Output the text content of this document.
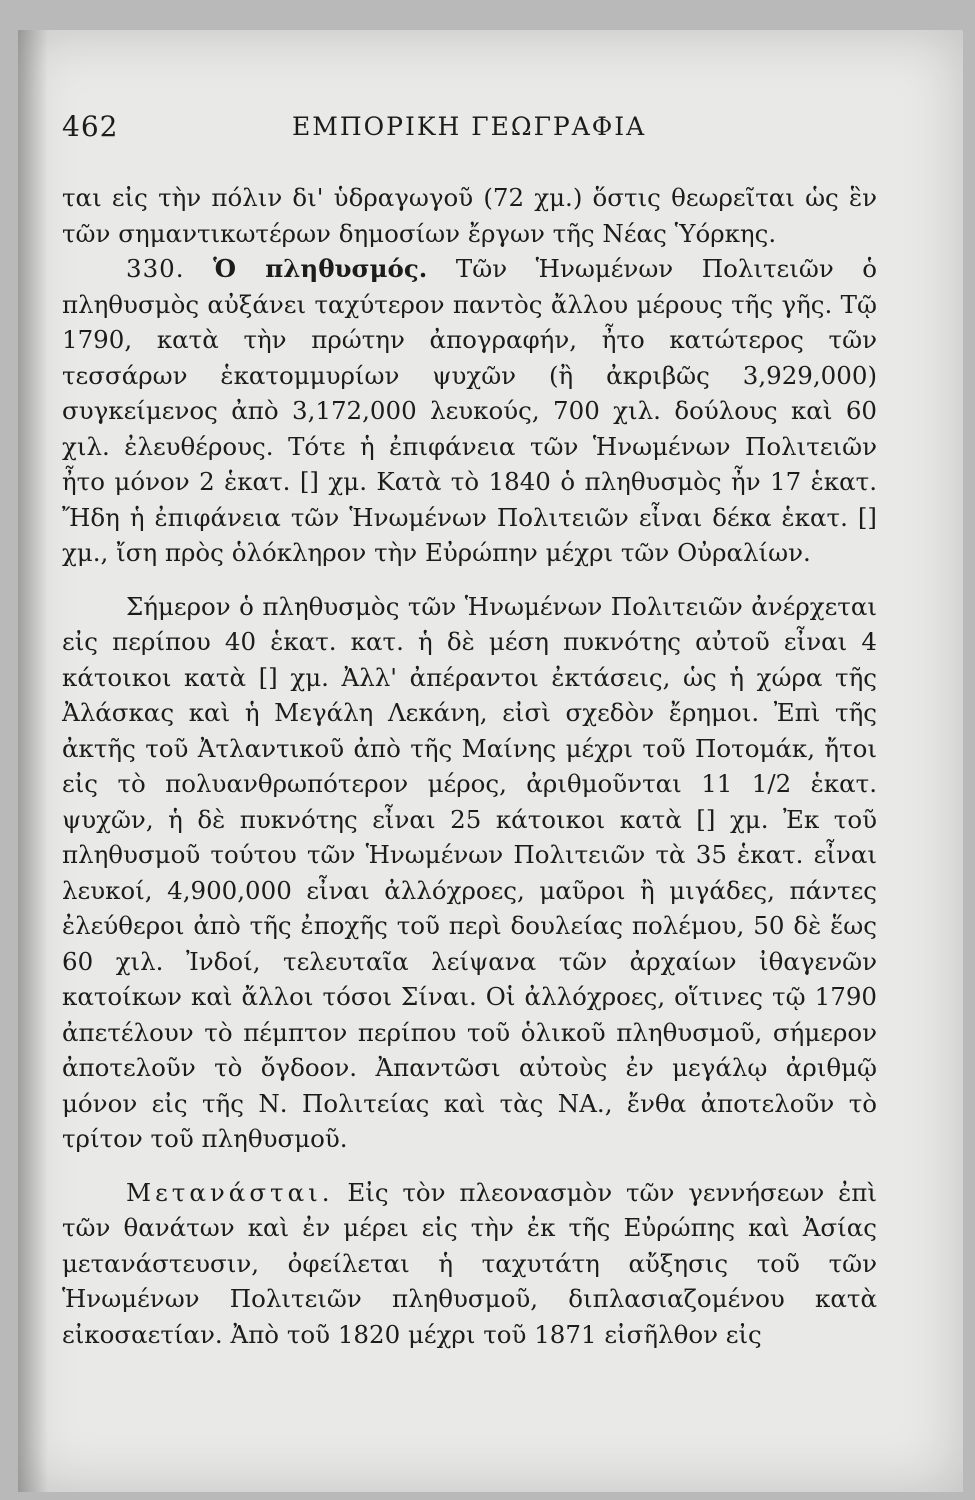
462	ΕΜΠΟΡΙΚΗ ΓΕΩΓΡΑΦΙΑ

ται εἰς τὴν πόλιν δι' ὑδραγωγοῦ (72 χμ.) ὅστις θεωρεῖται ὡς ἓν τῶν σημαντικωτέρων δημοσίων ἔργων τῆς Νέας Ὑόρκης.

330. Ὁ πληθυσμός. Τῶν Ἡνωμένων Πολιτειῶν ὁ πληθυσμὸς αὐξάνει ταχύτερον παντὸς ἄλλου μέρους τῆς γῆς. Τῷ 1790, κατὰ τὴν πρώτην ἀπογραφήν, ἦτο κατώτερος τῶν τεσσάρων ἑκατομμυρίων ψυχῶν (ἢ ἀκριβῶς 3,929,000) συγκείμενος ἀπὸ 3,172,000 λευκούς, 700 χιλ. δούλους καὶ 60 χιλ. ἐλευθέρους. Τότε ἡ ἐπιφάνεια τῶν Ἡνωμένων Πολιτειῶν ἦτο μόνον 2 ἑκατ. [] χμ. Κατὰ τὸ 1840 ὁ πληθυσμὸς ἦν 17 ἑκατ. Ἤδη ἡ ἐπιφάνεια τῶν Ἡνωμένων Πολιτειῶν εἶναι δέκα ἑκατ. [] χμ., ἴση πρὸς ὁλόκληρον τὴν Εὐρώπην μέχρι τῶν Οὐραλίων.

Σήμερον ὁ πληθυσμὸς τῶν Ἡνωμένων Πολιτειῶν ἀνέρχεται εἰς περίπου 40 ἑκατ. κατ. ἡ δὲ μέση πυκνότης αὐτοῦ εἶναι 4 κάτοικοι κατὰ [] χμ. Ἀλλ' ἀπέραντοι ἐκτάσεις, ὡς ἡ χώρα τῆς Ἀλάσκας καὶ ἡ Μεγάλη Λεκάνη, εἰσὶ σχεδὸν ἔρημοι. Ἐπὶ τῆς ἀκτῆς τοῦ Ἀτλαντικοῦ ἀπὸ τῆς Μαίνης μέχρι τοῦ Ποτομάκ, ἤτοι εἰς τὸ πολυανθρωπότερον μέρος, ἀριθμοῦνται 11 1/2 ἑκατ. ψυχῶν, ἡ δὲ πυκνότης εἶναι 25 κάτοικοι κατὰ [] χμ. Ἐκ τοῦ πληθυσμοῦ τούτου τῶν Ἡνωμένων Πολιτειῶν τὰ 35 ἑκατ. εἶναι λευκοί, 4,900,000 εἶναι ἀλλόχροες, μαῦροι ἢ μιγάδες, πάντες ἐλεύθεροι ἀπὸ τῆς ἐποχῆς τοῦ περὶ δουλείας πολέμου, 50 δὲ ἕως 60 χιλ. Ἰνδοί, τελευταῖα λείψανα τῶν ἀρχαίων ἰθαγενῶν κατοίκων καὶ ἄλλοι τόσοι Σίναι. Οἱ ἀλλόχροες, οἵτινες τῷ 1790 ἀπετέλουν τὸ πέμπτον περίπου τοῦ ὁλικοῦ πληθυσμοῦ, σήμερον ἀποτελοῦν τὸ ὄγδοον. Ἀπαντῶσι αὐτοὺς ἐν μεγάλῳ ἀριθμῷ μόνον εἰς τῆς Ν. Πολιτείας καὶ τὰς ΝΑ., ἔνθα ἀποτελοῦν τὸ τρίτον τοῦ πληθυσμοῦ.

Μετανάσται. Εἰς τὸν πλεονασμὸν τῶν γεννήσεων ἐπὶ τῶν θανάτων καὶ ἐν μέρει εἰς τὴν ἐκ τῆς Εὐρώπης καὶ Ἀσίας μετανάστευσιν, ὀφείλεται ἡ ταχυτάτη αὔξησις τοῦ τῶν Ἡνωμένων Πολιτειῶν πληθυσμοῦ, διπλασιαζομένου κατὰ εἰκοσαετίαν. Ἀπὸ τοῦ 1820 μέχρι τοῦ 1871 εἰσῆλθον εἰς
